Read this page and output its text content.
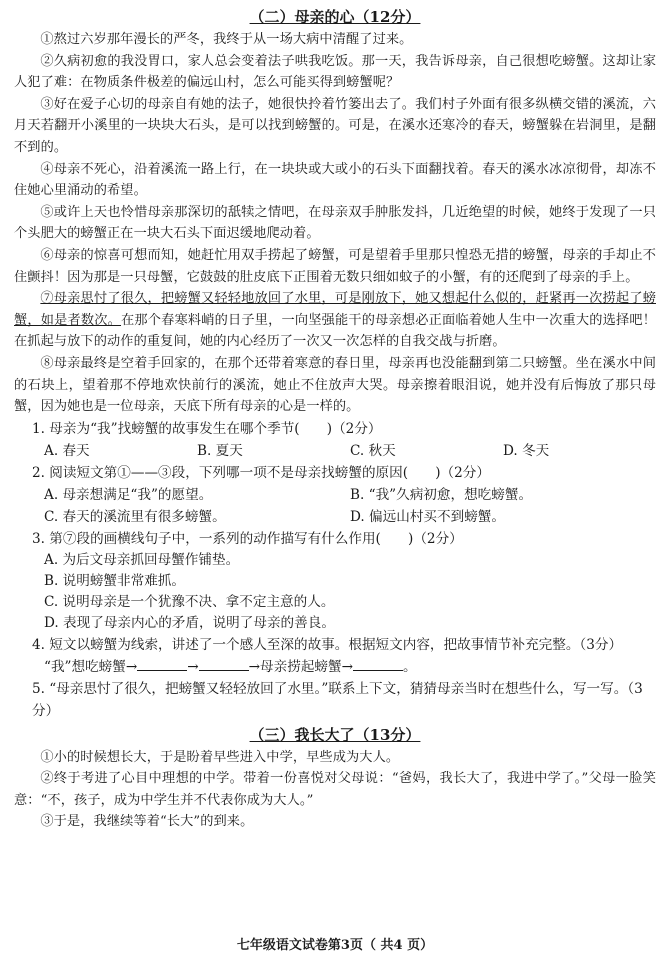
（二）母亲的心（12分）

①熬过六岁那年漫长的严冬，我终于从一场大病中清醒了过来。

②久病初愈的我没胃口，家人总会变着法子哄我吃饭。那一天，我告诉母亲，自己很想吃螃蟹。这却让家人犯了难：在物质条件极差的偏远山村，怎么可能买得到螃蟹呢？

③好在爱子心切的母亲自有她的法子，她很快拎着竹篓出去了。我们村子外面有很多纵横交错的溪流，六月天若翻开小溪里的一块块大石头，是可以找到螃蟹的。可是，在溪水还寒冷的春天，螃蟹躲在岩洞里，是翻不到的。

④母亲不死心，沿着溪流一路上行，在一块块或大或小的石头下面翻找着。春天的溪水冰凉彻骨，却冻不住她心里涌动的希望。

⑤或许上天也怜惜母亲那深切的舐犊之情吧，在母亲双手肿胀发抖，几近绝望的时候，她终于发现了一只个头肥大的螃蟹正在一块大石头下面迟缓地爬动着。

⑥母亲的惊喜可想而知，她赶忙用双手捞起了螃蟹，可是望着手里那只惶恐无措的螃蟹，母亲的手却止不住颤抖！因为那是一只母蟹，它鼓鼓的肚皮底下正围着无数只细如蚊子的小蟹，有的还爬到了母亲的手上。

⑦母亲思忖了很久，把螃蟹又轻轻地放回了水里，可是刚放下，她又想起什么似的，赶紧再一次捞起了螃蟹，如是者数次。在那个春寒料峭的日子里，一向坚强能干的母亲想必正面临着她人生中一次重大的选择吧！在抓起与放下的动作的重复间，她的内心经历了一次又一次怎样的自我交战与折磨。

⑧母亲最终是空着手回家的，在那个还带着寒意的春日里，母亲再也没能翻到第二只螃蟹。坐在溪水中间的石块上，望着那不停地欢快前行的溪流，她止不住放声大哭。母亲擦着眼泪说，她并没有后悔放了那只母蟹，因为她也是一位母亲，天底下所有母亲的心是一样的。

1. 母亲为“我”找螃蟹的故事发生在哪个季节(　　)（2分）

A. 春天	B. 夏天	C. 秋天	D. 冬天

2. 阅读短文第①——③段，下列哪一项不是母亲找螃蟹的原因(　　)（2分）

A. 母亲想满足“我”的愿望。	B. “我”久病初愈，想吃螃蟹。
C. 春天的溪流里有很多螃蟹。	D. 偏远山村买不到螃蟹。

3. 第⑦段的画横线句子中，一系列的动作描写有什么作用(　　)（2分）

A. 为后文母亲抓回母蟹作铺垫。
B. 说明螃蟹非常难抓。
C. 说明母亲是一个犹豫不决、拿不定主意的人。
D. 表现了母亲内心的矛盾，说明了母亲的善良。

4. 短文以螃蟹为线索，讲述了一个感人至深的故事。根据短文内容，把故事情节补充完整。（3分）

“我”想吃螃蟹→	→	→母亲捞起螃蟹→	。

5. “母亲思忖了很久，把螃蟹又轻轻放回了水里。”联系上下文，猜猜母亲当时在想些什么，写一写。（3分）

（三）我长大了（13分）

①小的时候想长大，于是盼着早些进入中学，早些成为大人。

②终于考进了心目中理想的中学。带着一份喜悦对父母说：“爸妈，我长大了，我进中学了。”父母一脸笑意：“不，孩子，成为中学生并不代表你成为大人。”

③于是，我继续等着“长大”的到来。

七年级语文试卷第3页（ 共4 页）
